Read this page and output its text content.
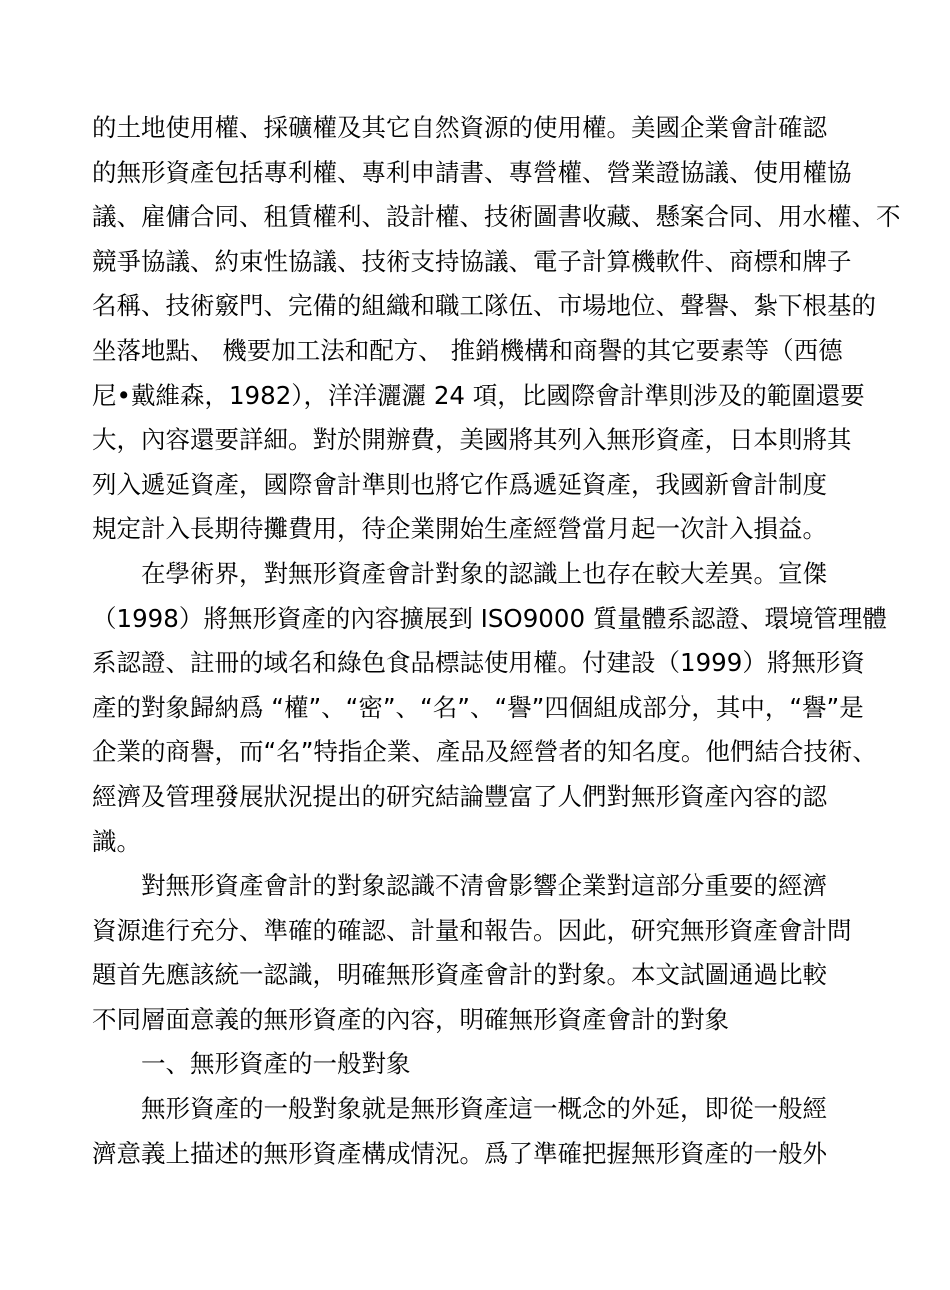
的土地使用權、採礦權及其它自然資源的使用權。美國企業會計確認
的無形資產包括專利權、專利申請書、專營權、營業證協議、使用權協
議、雇傭合同、租賃權利、設計權、技術圖書收藏、懸案合同、用水權、不
競爭協議、約束性協議、技術支持協議、電子計算機軟件、商標和牌子
名稱、技術竅門、完備的組織和職工隊伍、市場地位、聲譽、紮下根基的
坐落地點、 機要加工法和配方、 推銷機構和商譽的其它要素等（西德
尼•戴維森，1982），洋洋灑灑 24 項，比國際會計準則涉及的範圍還要
大，內容還要詳細。對於開辦費，美國將其列入無形資產，日本則將其
列入遞延資產，國際會計準則也將它作爲遞延資產，我國新會計制度
規定計入長期待攤費用，待企業開始生產經營當月起一次計入損益。
　　在學術界，對無形資產會計對象的認識上也存在較大差異。宣傑
（1998）將無形資產的內容擴展到 ISO9000 質量體系認證、環境管理體
系認證、註冊的域名和綠色食品標誌使用權。付建設（1999）將無形資
產的對象歸納爲 “權”、“密”、“名”、“譽”四個組成部分，其中，“譽”是
企業的商譽，而“名”特指企業、產品及經營者的知名度。他們結合技術、
經濟及管理發展狀況提出的研究結論豐富了人們對無形資產內容的認
識。
　　對無形資產會計的對象認識不清會影響企業對這部分重要的經濟
資源進行充分、準確的確認、計量和報告。因此，研究無形資產會計問
題首先應該統一認識，明確無形資產會計的對象。本文試圖通過比較
不同層面意義的無形資產的內容，明確無形資產會計的對象
　　一、無形資產的一般對象
　　無形資產的一般對象就是無形資產這一概念的外延，即從一般經
濟意義上描述的無形資產構成情況。爲了準確把握無形資產的一般外
